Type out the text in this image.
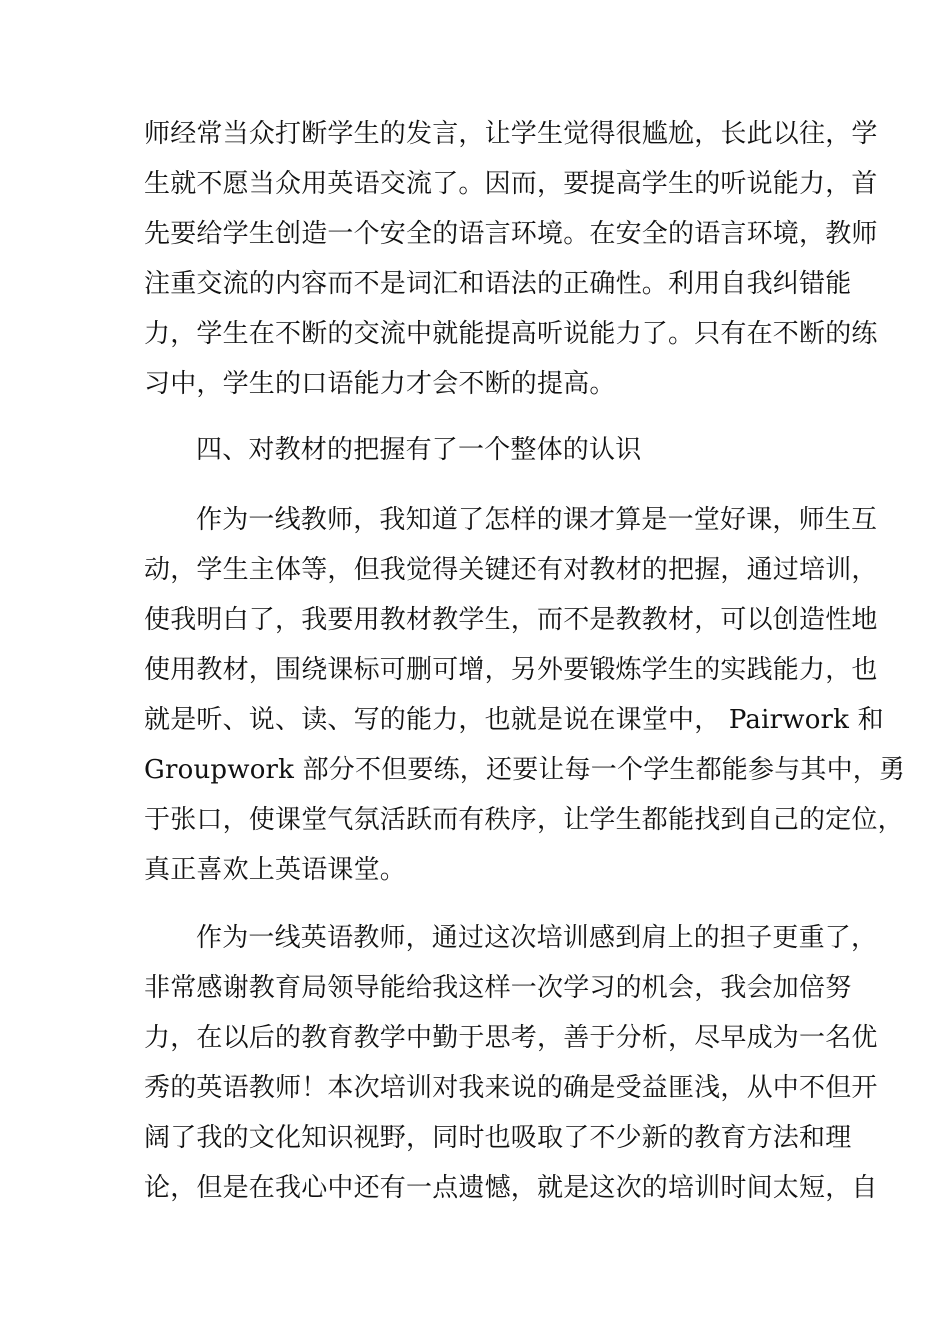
师经常当众打断学生的发言，让学生觉得很尴尬，长此以往，学
生就不愿当众用英语交流了。因而，要提高学生的听说能力，首
先要给学生创造一个安全的语言环境。在安全的语言环境，教师
注重交流的内容而不是词汇和语法的正确性。利用自我纠错能
力，学生在不断的交流中就能提高听说能力了。只有在不断的练
习中，学生的口语能力才会不断的提高。
四、对教材的把握有了一个整体的认识
作为一线教师，我知道了怎样的课才算是一堂好课，师生互
动，学生主体等，但我觉得关键还有对教材的把握，通过培训，
使我明白了，我要用教材教学生，而不是教教材，可以创造性地
使用教材，围绕课标可删可增，另外要锻炼学生的实践能力，也
就是听、说、读、写的能力，也就是说在课堂中， Pairwork 和
Groupwork 部分不但要练，还要让每一个学生都能参与其中，勇
于张口，使课堂气氛活跃而有秩序，让学生都能找到自己的定位，
真正喜欢上英语课堂。
作为一线英语教师，通过这次培训感到肩上的担子更重了，
非常感谢教育局领导能给我这样一次学习的机会，我会加倍努
力，在以后的教育教学中勤于思考，善于分析，尽早成为一名优
秀的英语教师！本次培训对我来说的确是受益匪浅，从中不但开
阔了我的文化知识视野，同时也吸取了不少新的教育方法和理
论，但是在我心中还有一点遗憾，就是这次的培训时间太短，自
